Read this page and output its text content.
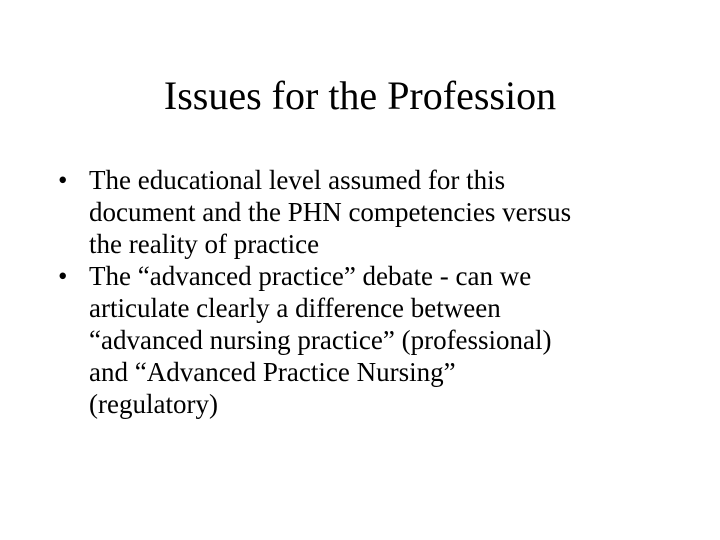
Issues for the Profession
• The educational level assumed for this
document and the PHN competencies versus
the reality of practice
• The “advanced practice” debate - can we
articulate clearly a difference between
“advanced nursing practice” (professional)
and “Advanced Practice Nursing”
(regulatory)
